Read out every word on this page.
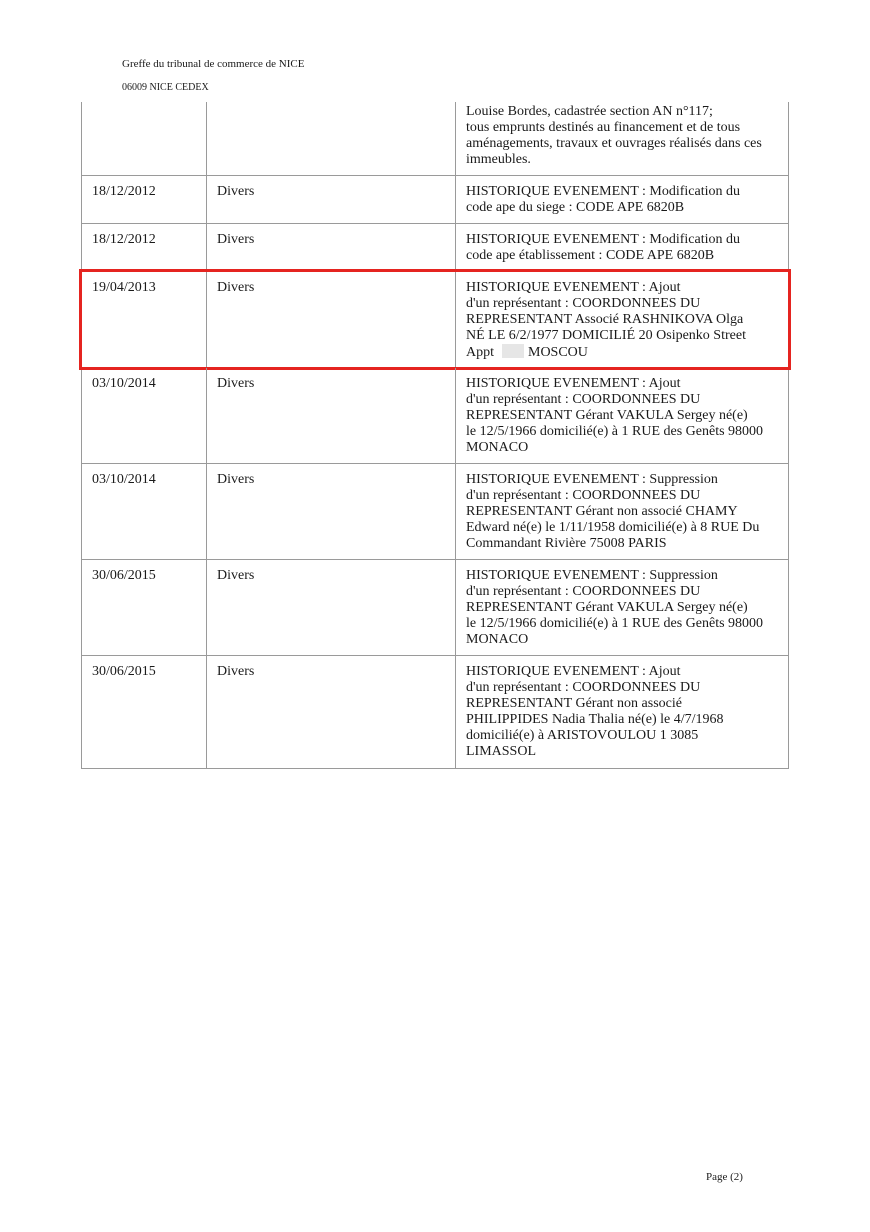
Greffe du tribunal de commerce de NICE
06009 NICE CEDEX
Louise Bordes, cadastrée section AN n°117;
tous emprunts destinés au financement et de tous
aménagements, travaux et ouvrages réalisés dans ces
immeubles.
18/12/2012	Divers	HISTORIQUE EVENEMENT : Modification du
code ape du siege : CODE APE 6820B
18/12/2012	Divers	HISTORIQUE EVENEMENT : Modification du
code ape établissement : CODE APE 6820B
19/04/2013	Divers	HISTORIQUE EVENEMENT : Ajout
d'un représentant : COORDONNEES DU
REPRESENTANT Associé RASHNIKOVA Olga
NÉ LE 6/2/1977 DOMICILIÉ 20 Osipenko Street
Appt MOSCOU
03/10/2014	Divers	HISTORIQUE EVENEMENT : Ajout
d'un représentant : COORDONNEES DU
REPRESENTANT Gérant VAKULA Sergey né(e)
le 12/5/1966 domicilié(e) à 1 RUE des Genêts 98000
MONACO
03/10/2014	Divers	HISTORIQUE EVENEMENT : Suppression
d'un représentant : COORDONNEES DU
REPRESENTANT Gérant non associé CHAMY
Edward né(e) le 1/11/1958 domicilié(e) à 8 RUE Du
Commandant Rivière 75008 PARIS
30/06/2015	Divers	HISTORIQUE EVENEMENT : Suppression
d'un représentant : COORDONNEES DU
REPRESENTANT Gérant VAKULA Sergey né(e)
le 12/5/1966 domicilié(e) à 1 RUE des Genêts 98000
MONACO
30/06/2015	Divers	HISTORIQUE EVENEMENT : Ajout
d'un représentant : COORDONNEES DU
REPRESENTANT Gérant non associé
PHILIPPIDES Nadia Thalia né(e) le 4/7/1968
domicilié(e) à ARISTOVOULOU 1 3085
LIMASSOL
Page (2)
